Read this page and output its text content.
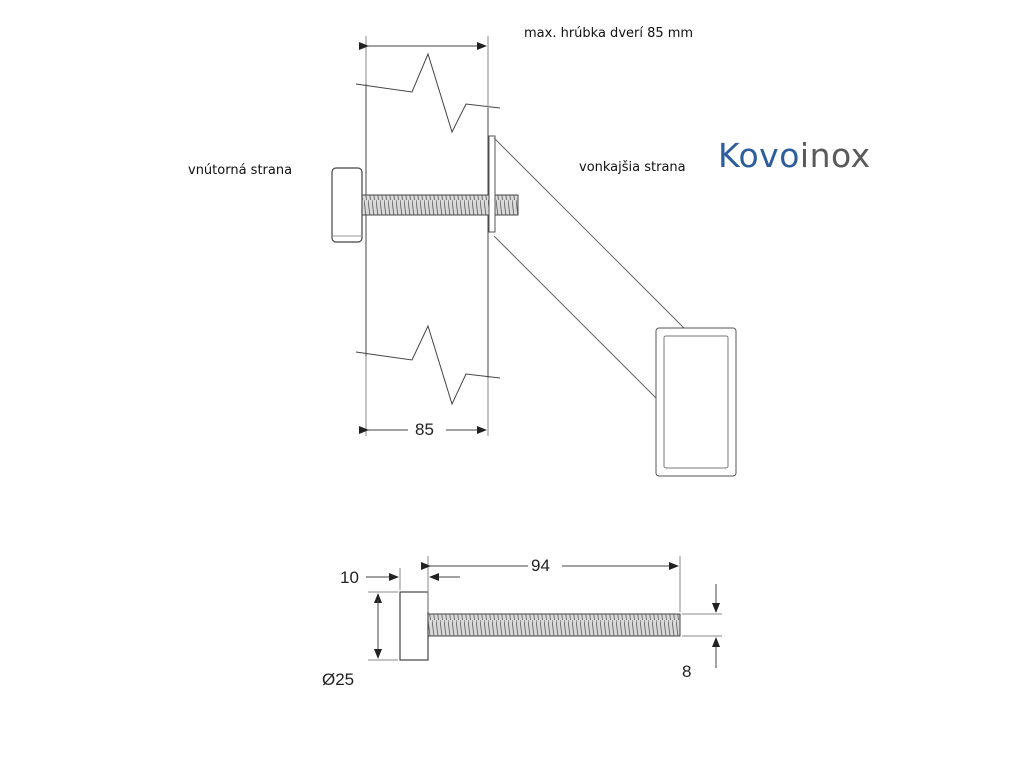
max. hrúbka dverí 85 mm
vnútorná strana	vonkajšia strana Kovoinox
85
94
10
Ø25	8
